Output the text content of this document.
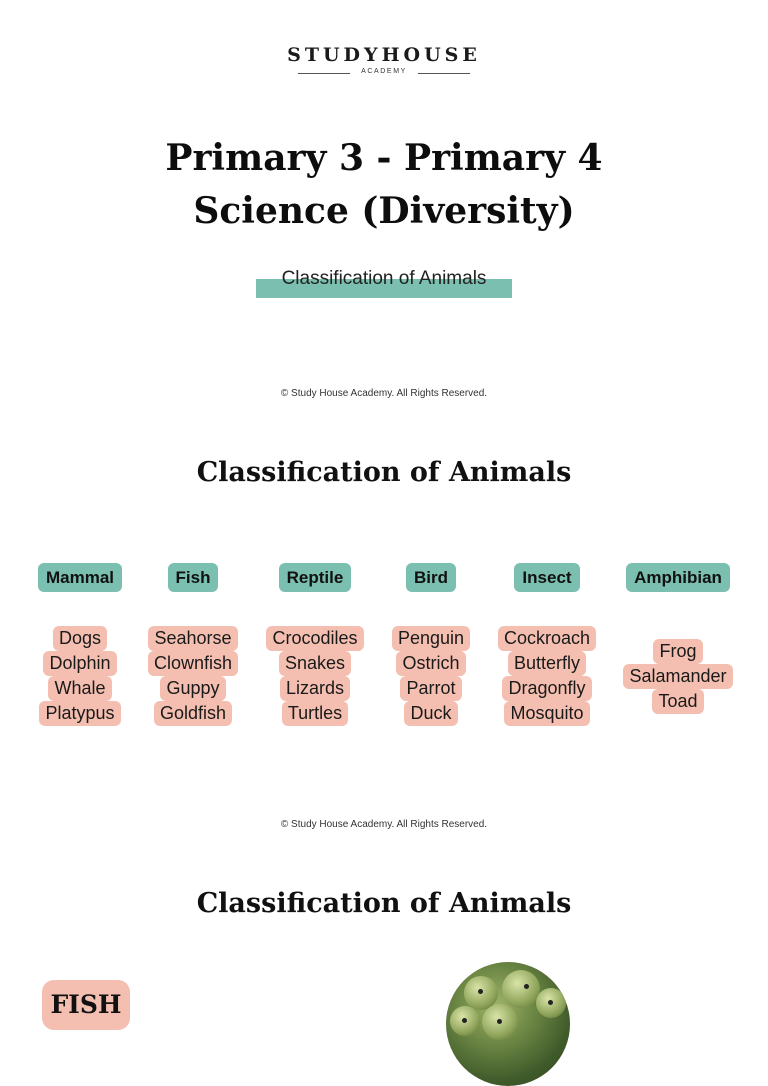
STUDYHOUSE
ACADEMY
Primary 3 - Primary 4
Science (Diversity)
Classification of Animals
© Study House Academy. All Rights Reserved.
Classification of Animals
Mammal
Dogs
Dolphin
Whale
Platypus
Fish
Seahorse
Clownfish
Guppy
Goldfish
Reptile
Crocodiles
Snakes
Lizards
Turtles
Bird
Penguin
Ostrich
Parrot
Duck
Insect
Cockroach
Butterfly
Dragonfly
Mosquito
Amphibian
Frog
Salamander
Toad
© Study House Academy. All Rights Reserved.
Classification of Animals
FISH
